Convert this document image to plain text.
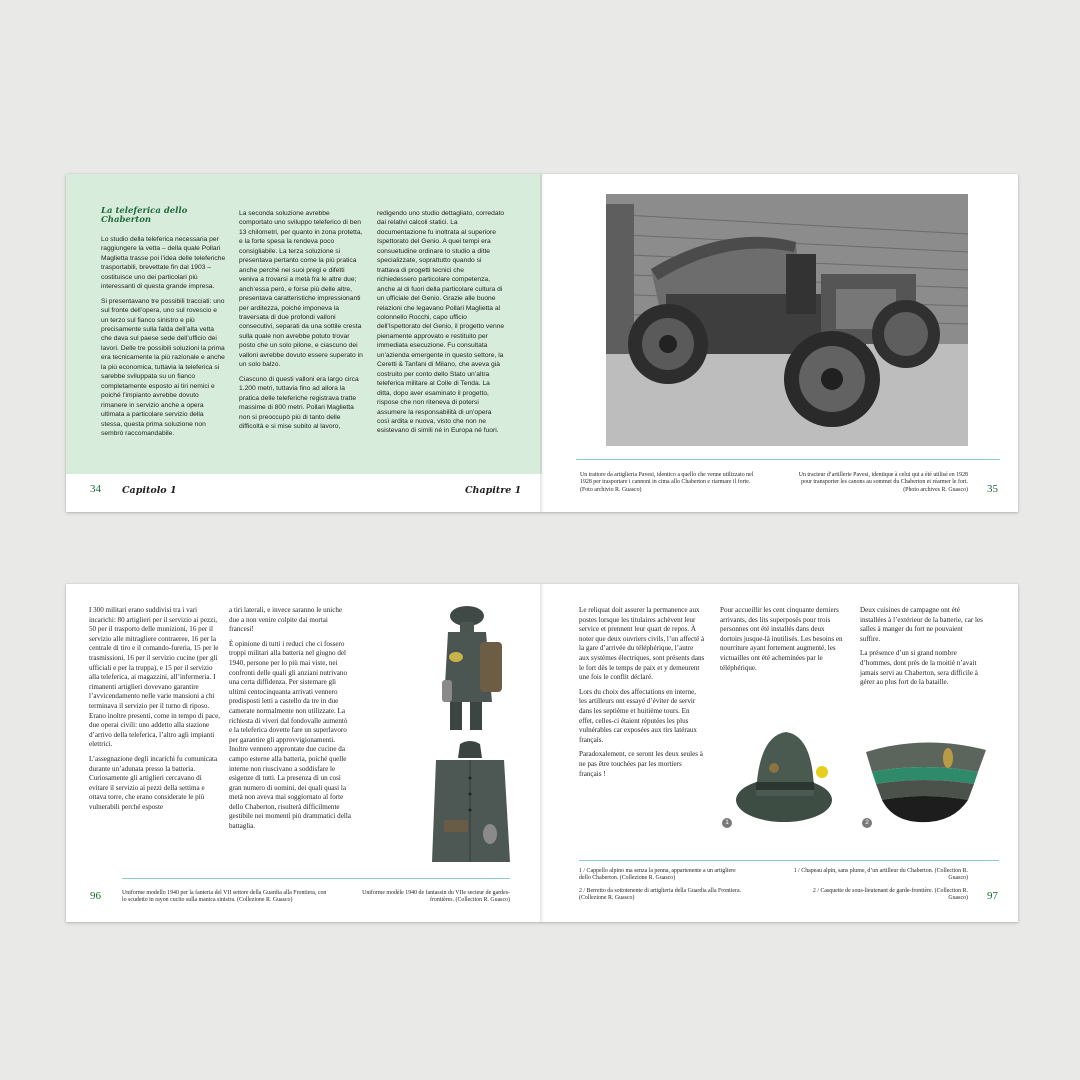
La teleferica dello Chaberton

Lo studio della teleferica necessaria per raggiungere la vetta – della quale Pollari Maglietta trasse poi l’idea delle teleferiche trasportabili, brevettate fin dal 1903 – costituisce uno dei particolari più interessanti di questa grande impresa.

Si presentavano tre possibili tracciati: uno sul fronte dell’opera, uno sul rovescio e un terzo sul fianco sinistro e più precisamente sulla falda dell’alta vetta che dava sul paese sede dell’ufficio dei lavori. Delle tre possibili soluzioni la prima era tecnicamente la più razionale e anche la più economica, tuttavia la teleferica si sarebbe sviluppata su un fianco completamente esposto ai tiri nemici e poiché l’impianto avrebbe dovuto rimanere in servizio anche a opera ultimata a particolare servizio della stessa, questa prima soluzione non sembrò raccomandabile.

La seconda soluzione avrebbe comportato uno sviluppo teleferico di ben 13 chilometri, per quanto in zona protetta, e la forte spesa la rendeva poco consigliabile. La terza soluzione si presentava pertanto come la più pratica anche perché nei suoi pregi e difetti veniva a trovarsi a metà fra le altre due; anch’essa però, e forse più delle altre, presentava caratteristiche impressionanti per arditezza, poiché imponeva la traversata di due profondi valloni consecutivi, separati da una sottile cresta sulla quale non avrebbe potuto trovar posto che un solo pilone, e ciascuno dei valloni avrebbe dovuto essere superato in un solo balzo.

Ciascuno di questi valloni era largo circa 1.200 metri, tuttavia fino ad allora la pratica delle teleferiche registrava tratte massime di 800 metri. Pollari Maglietta non si preoccupò più di tanto delle difficoltà e si mise subito al lavoro,

redigendo uno studio dettagliato, corredato dai relativi calcoli statici. La documentazione fu inoltrata al superiore Ispettorato del Genio. A quei tempi era consuetudine ordinare lo studio a ditte specializzate, soprattutto quando si trattava di progetti tecnici che richiedessero particolare competenza, anche al di fuori della particolare cultura di un ufficiale del Genio. Grazie alle buone relazioni che legavano Pollari Maglietta al colonnello Rocchi, capo ufficio dell’Ispettorato del Genio, il progetto venne pienamente approvato e restituito per immediata esecuzione. Fu consultata un’azienda emergente in questo settore, la Ceretti & Tanfani di Milano, che aveva già costruito per conto dello Stato un’altra teleferica militare al Colle di Tenda. La ditta, dopo aver esaminato il progetto, rispose che non riteneva di potersi assumere la responsabilità di un’opera così ardita e nuova, visto che non ne esistevano di simili né in Europa né fuori.

34 Capitolo 1	Chapitre 1
Un trattore da artiglieria Pavesi, identico a quello che venne utilizzato nel 1928 per trasportare i cannoni in cima allo Chaberton e riarmare il forte. (Foto archivio R. Guasco)
Un tracteur d’artillerie Pavesi, identique à celui qui a été utilisé en 1928 pour transporter les canons au sommet du Chaberton et réarmer le fort. (Photo archives R. Guasco) 35

I 300 militari erano suddivisi tra i vari incarichi: 80 artiglieri per il servizio ai pezzi, 50 per il trasporto delle munizioni, 16 per il servizio alle mitragliere contraeree, 16 per la centrale di tiro e il comando-fureria, 15 per le trasmissioni, 16 per il servizio cucine (per gli ufficiali e per la truppa), e 15 per il servizio alla teleferica, ai magazzini, all’infermeria. I rimanenti artiglieri dovevano garantire l’avvicendamento nelle varie mansioni a chi terminava il servizio per il turno di riposo. Erano inoltre presenti, come in tempo di pace, due operai civili: uno addetto alla stazione d’arrivo della teleferica, l’altro agli impianti elettrici.

L’assegnazione degli incarichi fu comunicata durante un’adunata presso la batteria. Curiosamente gli artiglieri cercavano di evitare il servizio ai pezzi della settima e ottava torre, che erano considerate le più vulnerabili perché esposte

a tiri laterali, e invece saranno le uniche due a non venire colpite dai mortai francesi!

È opinione di tutti i reduci che ci fossero troppi militari alla batteria nel giugno del 1940, persone per lo più mai viste, nei confronti delle quali gli anziani nutrivano una certa diffidenza. Per sistemare gli ultimi centocinquanta arrivati vennero predisposti letti a castello da tre in due camerate normalmente non utilizzate. La richiesta di viveri dal fondovalle aumentò e la teleferica dovette fare un superlavoro per garantire gli approvvigionamenti. Inoltre vennero approntate due cucine da campo esterne alla batteria, poiché quelle interne non riuscivano a soddisfare le esigenze di tutti. La presenza di un così gran numero di uomini, dei quali quasi la metà non aveva mai soggiornato al forte dello Chaberton, risulterà difficilmente gestibile nei momenti più drammatici della battaglia.

96	Uniforme modello 1940 per la fanteria del VII settore della Guardia alla Frontiera, con lo scudetto in rayon cucito sulla manica sinistra. (Collezione R. Guasco)
Uniforme modèle 1940 de fantassin du VIIe secteur de gardes-frontières. (Collection R. Guasco)

Le reliquat doit assurer la permanence aux postes lorsque les titulaires achèvent leur service et prennent leur quart de repos. À noter que deux ouvriers civils, l’un affecté à la gare d’arrivée du téléphérique, l’autre aux systèmes électriques, sont présents dans le fort dès le temps de paix et y demeurent une fois le conflit déclaré.

Lors du choix des affectations en interne, les artilleurs ont essayé d’éviter de servir dans les septième et huitième tours. En effet, celles-ci étaient réputées les plus vulnérables car exposées aux tirs latéraux français.

Paradoxalement, ce seront les deux seules à ne pas être touchées par les mortiers français !

Pour accueillir les cent cinquante derniers arrivants, des lits superposés pour trois personnes ont été installés dans deux dortoirs jusque-là inutilisés. Les besoins en nourriture ayant fortement augmenté, les victuailles ont été acheminées par le téléphérique.

Deux cuisines de campagne ont été installées à l’extérieur de la batterie, car les salles à manger du fort ne pouvaient suffire.

La présence d’un si grand nombre d’hommes, dont près de la moitié n’avait jamais servi au Chaberton, sera difficile à gérer au plus fort de la bataille.

1	2
1 / Cappello alpino ma senza la penna, appartenente a un artigliere dello Chaberton. (Collezione R. Guasco)
2 / Berretto da sottotenente di artiglieria della Guardia alla Frontiera. (Collezione R. Guasco)
1 / Chapeau alpin, sans plume, d’un artilleur du Chaberton. (Collection R. Guasco)
2 / Casquette de sous-lieutenant de garde-frontière. (Collection R. Guasco) 97
